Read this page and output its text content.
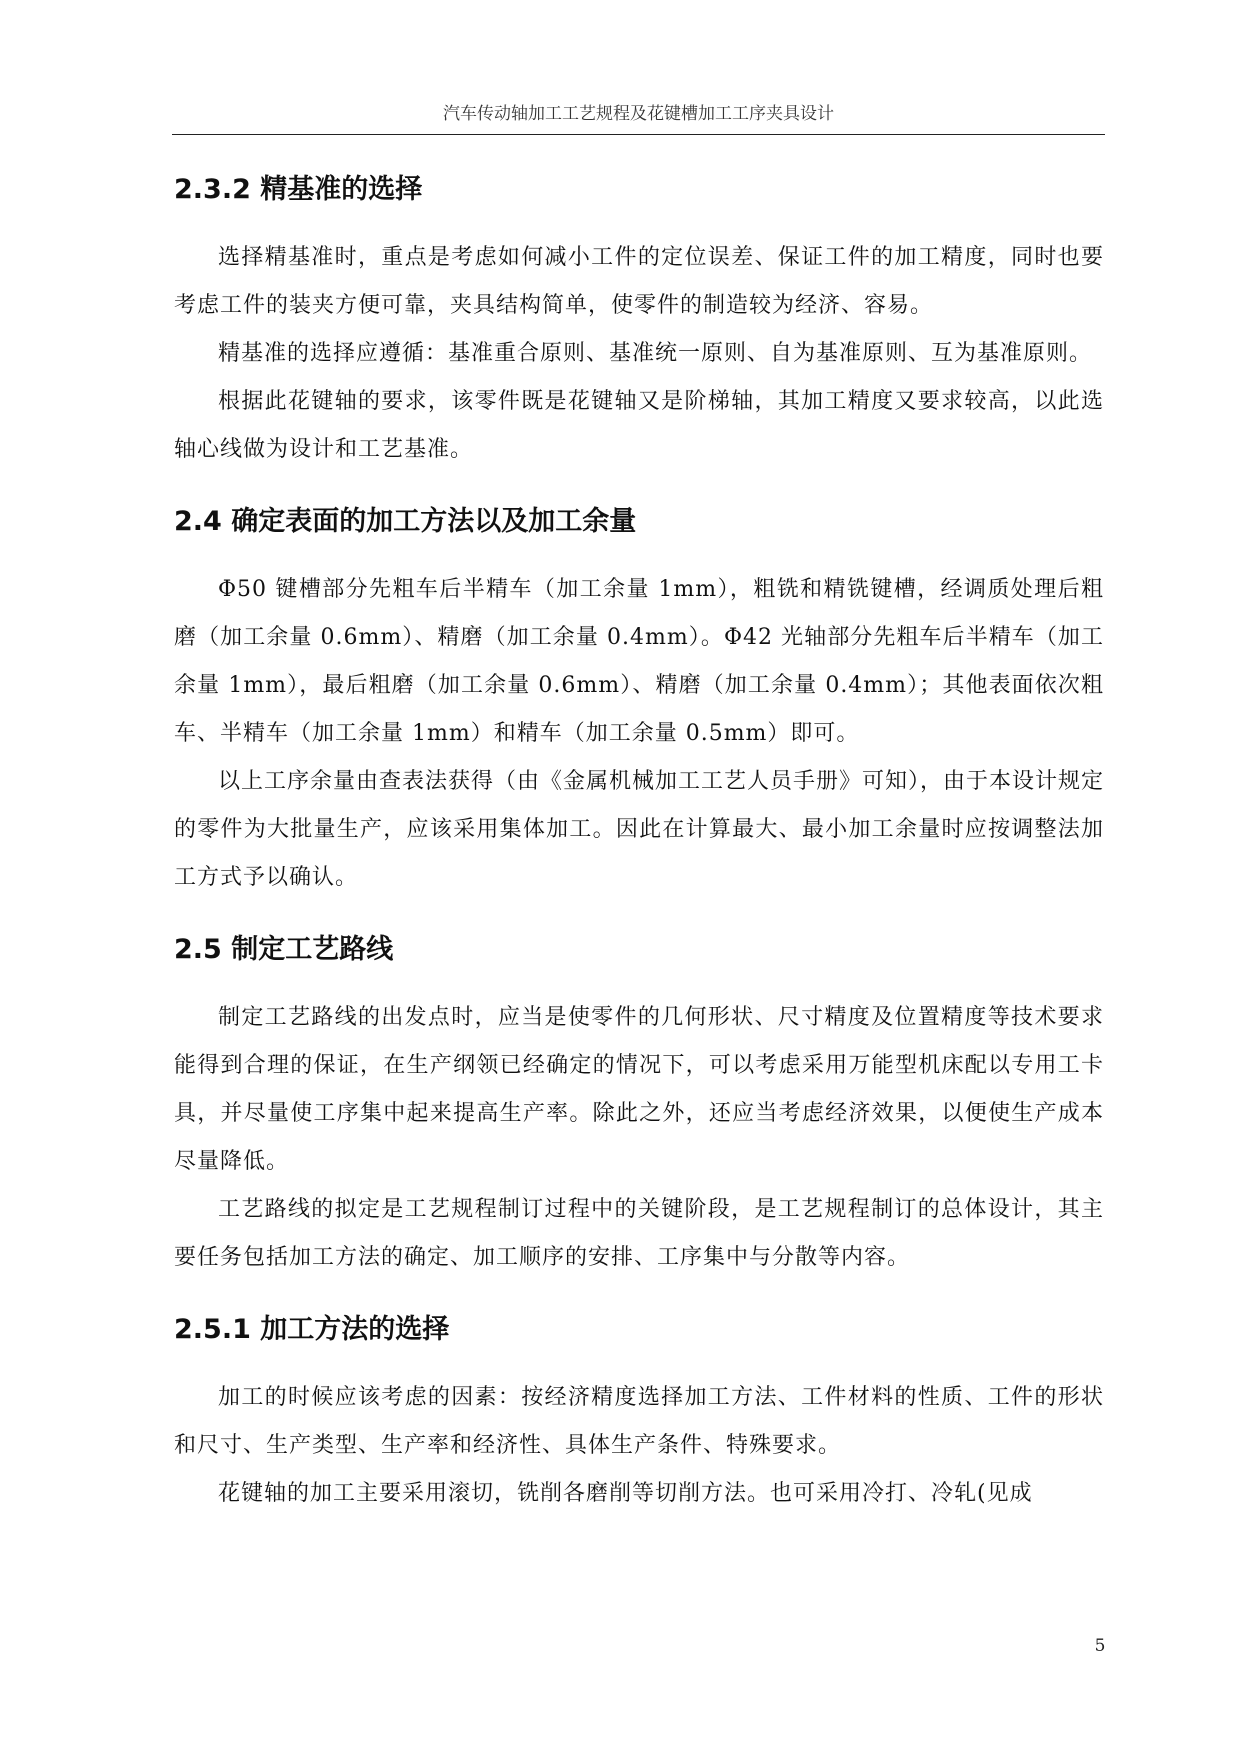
汽车传动轴加工工艺规程及花键槽加工工序夹具设计
2.3.2 精基准的选择

选择精基准时，重点是考虑如何减小工件的定位误差、保证工件的加工精度，同时也要考虑工件的装夹方便可靠，夹具结构简单，使零件的制造较为经济、容易。

精基准的选择应遵循：基准重合原则、基准统一原则、自为基准原则、互为基准原则。

根据此花键轴的要求，该零件既是花键轴又是阶梯轴，其加工精度又要求较高，以此选轴心线做为设计和工艺基准。

2.4 确定表面的加工方法以及加工余量

Φ50 键槽部分先粗车后半精车（加工余量 1mm），粗铣和精铣键槽，经调质处理后粗磨（加工余量 0.6mm）、精磨（加工余量 0.4mm）。Φ42 光轴部分先粗车后半精车（加工余量 1mm），最后粗磨（加工余量 0.6mm）、精磨（加工余量 0.4mm）；其他表面依次粗车、半精车（加工余量 1mm）和精车（加工余量 0.5mm）即可。

以上工序余量由查表法获得（由《金属机械加工工艺人员手册》可知），由于本设计规定的零件为大批量生产，应该采用集体加工。因此在计算最大、最小加工余量时应按调整法加工方式予以确认。

2.5 制定工艺路线

制定工艺路线的出发点时，应当是使零件的几何形状、尺寸精度及位置精度等技术要求能得到合理的保证，在生产纲领已经确定的情况下，可以考虑采用万能型机床配以专用工卡具，并尽量使工序集中起来提高生产率。除此之外，还应当考虑经济效果，以便使生产成本尽量降低。

工艺路线的拟定是工艺规程制订过程中的关键阶段，是工艺规程制订的总体设计，其主要任务包括加工方法的确定、加工顺序的安排、工序集中与分散等内容。

2.5.1 加工方法的选择

加工的时候应该考虑的因素：按经济精度选择加工方法、工件材料的性质、工件的形状和尺寸、生产类型、生产率和经济性、具体生产条件、特殊要求。

花键轴的加工主要采用滚切，铣削各磨削等切削方法。也可采用冷打、冷轧(见成

5
